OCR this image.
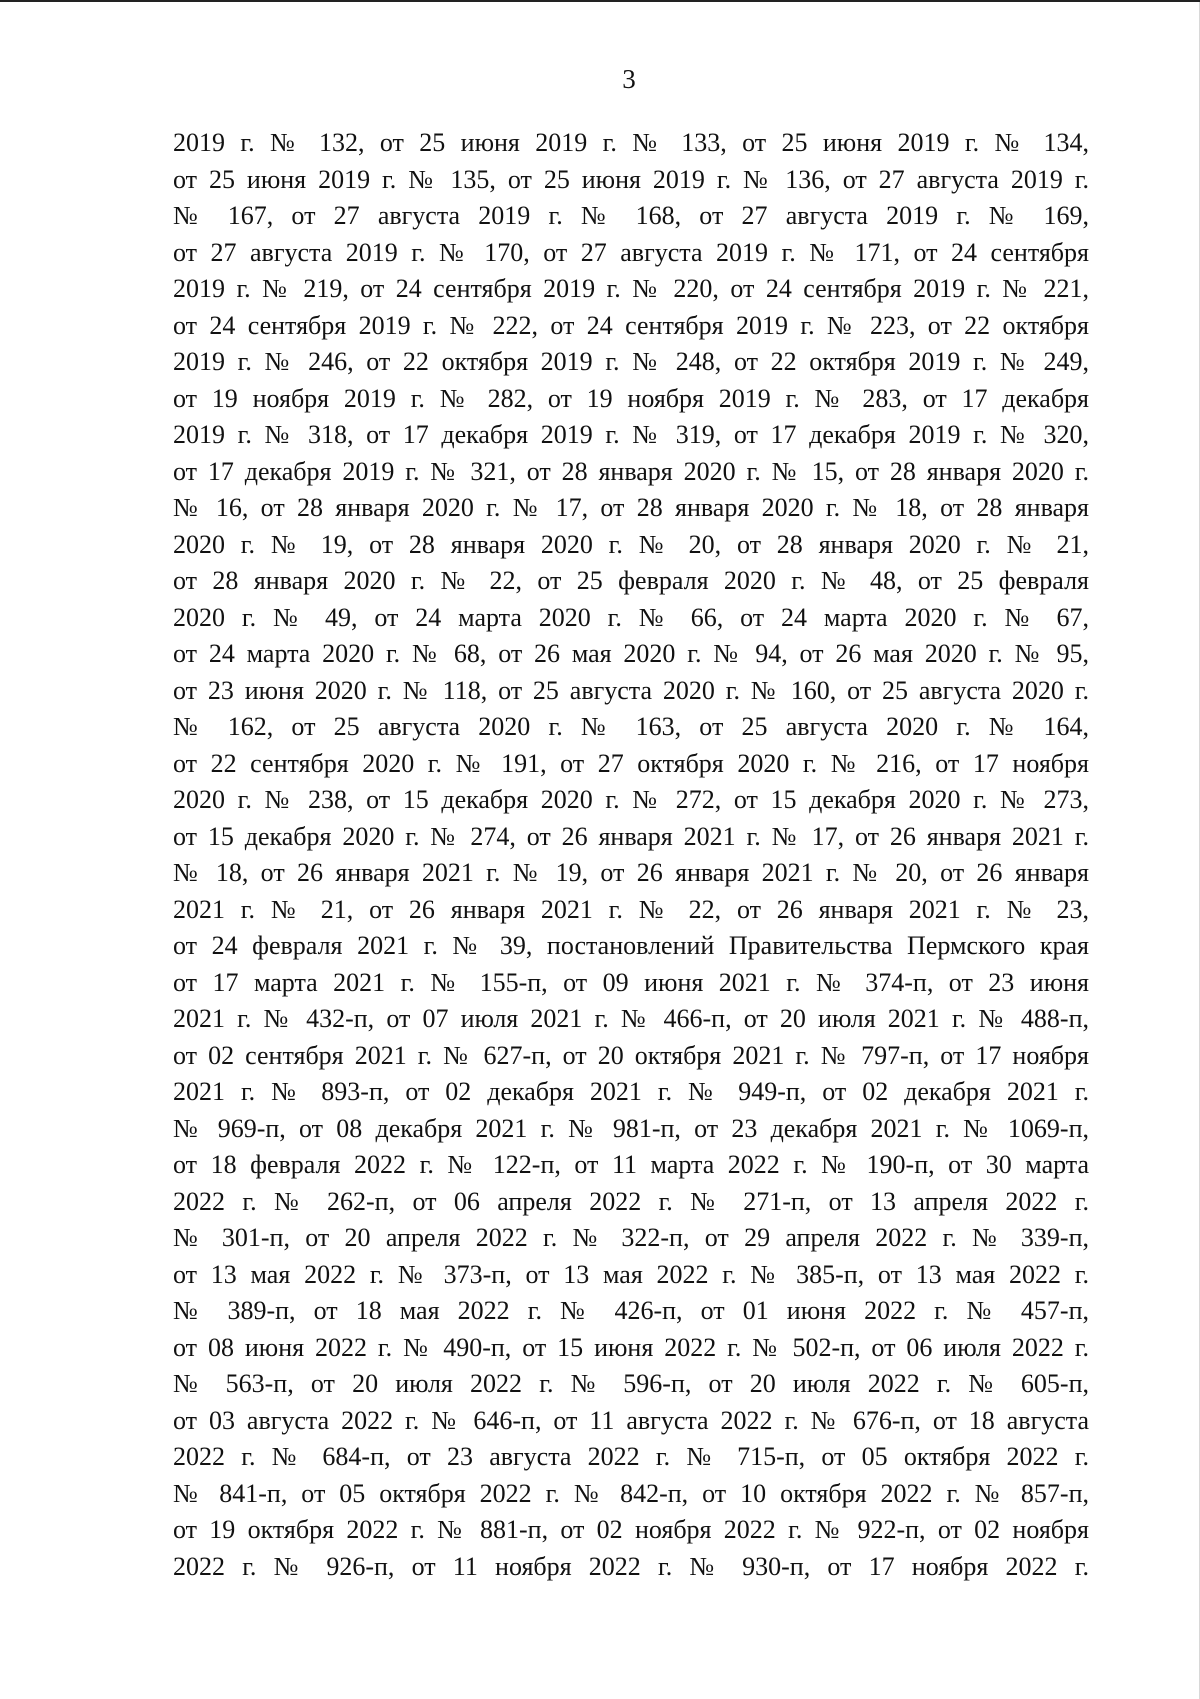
3
2019 г. № 132, от 25 июня 2019 г. № 133, от 25 июня 2019 г. № 134,
от 25 июня 2019 г. № 135, от 25 июня 2019 г. № 136, от 27 августа 2019 г.
№ 167, от 27 августа 2019 г. № 168, от 27 августа 2019 г. № 169,
от 27 августа 2019 г. № 170, от 27 августа 2019 г. № 171, от 24 сентября
2019 г. № 219, от 24 сентября 2019 г. № 220, от 24 сентября 2019 г. № 221,
от 24 сентября 2019 г. № 222, от 24 сентября 2019 г. № 223, от 22 октября
2019 г. № 246, от 22 октября 2019 г. № 248, от 22 октября 2019 г. № 249,
от 19 ноября 2019 г. № 282, от 19 ноября 2019 г. № 283, от 17 декабря
2019 г. № 318, от 17 декабря 2019 г. № 319, от 17 декабря 2019 г. № 320,
от 17 декабря 2019 г. № 321, от 28 января 2020 г. № 15, от 28 января 2020 г.
№ 16, от 28 января 2020 г. № 17, от 28 января 2020 г. № 18, от 28 января
2020 г. № 19, от 28 января 2020 г. № 20, от 28 января 2020 г. № 21,
от 28 января 2020 г. № 22, от 25 февраля 2020 г. № 48, от 25 февраля
2020 г. № 49, от 24 марта 2020 г. № 66, от 24 марта 2020 г. № 67,
от 24 марта 2020 г. № 68, от 26 мая 2020 г. № 94, от 26 мая 2020 г. № 95,
от 23 июня 2020 г. № 118, от 25 августа 2020 г. № 160, от 25 августа 2020 г.
№ 162, от 25 августа 2020 г. № 163, от 25 августа 2020 г. № 164,
от 22 сентября 2020 г. № 191, от 27 октября 2020 г. № 216, от 17 ноября
2020 г. № 238, от 15 декабря 2020 г. № 272, от 15 декабря 2020 г. № 273,
от 15 декабря 2020 г. № 274, от 26 января 2021 г. № 17, от 26 января 2021 г.
№ 18, от 26 января 2021 г. № 19, от 26 января 2021 г. № 20, от 26 января
2021 г. № 21, от 26 января 2021 г. № 22, от 26 января 2021 г. № 23,
от 24 февраля 2021 г. № 39, постановлений Правительства Пермского края
от 17 марта 2021 г. № 155-п, от 09 июня 2021 г. № 374-п, от 23 июня
2021 г. № 432-п, от 07 июля 2021 г. № 466-п, от 20 июля 2021 г. № 488-п,
от 02 сентября 2021 г. № 627-п, от 20 октября 2021 г. № 797-п, от 17 ноября
2021 г. № 893-п, от 02 декабря 2021 г. № 949-п, от 02 декабря 2021 г.
№ 969-п, от 08 декабря 2021 г. № 981-п, от 23 декабря 2021 г. № 1069-п,
от 18 февраля 2022 г. № 122-п, от 11 марта 2022 г. № 190-п, от 30 марта
2022 г. № 262-п, от 06 апреля 2022 г. № 271-п, от 13 апреля 2022 г.
№ 301-п, от 20 апреля 2022 г. № 322-п, от 29 апреля 2022 г. № 339-п,
от 13 мая 2022 г. № 373-п, от 13 мая 2022 г. № 385-п, от 13 мая 2022 г.
№ 389-п, от 18 мая 2022 г. № 426-п, от 01 июня 2022 г. № 457-п,
от 08 июня 2022 г. № 490-п, от 15 июня 2022 г. № 502-п, от 06 июля 2022 г.
№ 563-п, от 20 июля 2022 г. № 596-п, от 20 июля 2022 г. № 605-п,
от 03 августа 2022 г. № 646-п, от 11 августа 2022 г. № 676-п, от 18 августа
2022 г. № 684-п, от 23 августа 2022 г. № 715-п, от 05 октября 2022 г.
№ 841-п, от 05 октября 2022 г. № 842-п, от 10 октября 2022 г. № 857-п,
от 19 октября 2022 г. № 881-п, от 02 ноября 2022 г. № 922-п, от 02 ноября
2022 г. № 926-п, от 11 ноября 2022 г. № 930-п, от 17 ноября 2022 г.
